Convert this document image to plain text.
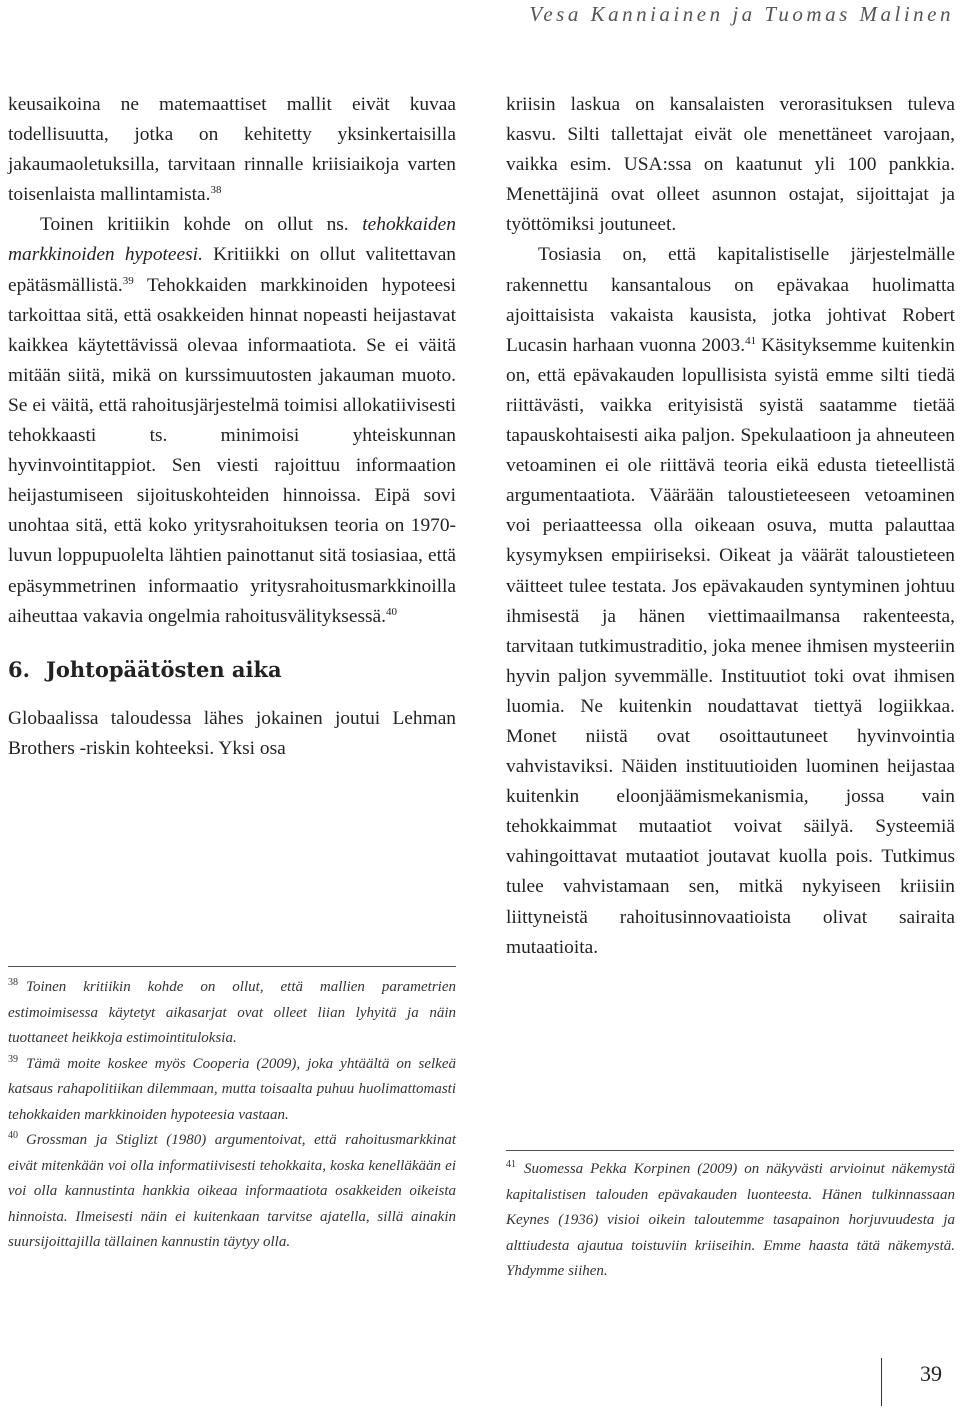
Vesa Kanniainen ja Tuomas Malinen

keusaikoina ne matemaattiset mallit eivät kuvaa todellisuutta, jotka on kehitetty yksinkertaisilla jakaumaoletuksilla, tarvitaan rinnalle kriisiaikoja varten toisenlaista mallintamista.$^{38}$

Toinen kritiikin kohde on ollut ns. tehokkaiden markkinoiden hypoteesi. Kritiikki on ollut valitettavan epätäsmällistä.$^{39}$ Tehokkaiden markkinoiden hypoteesi tarkoittaa sitä, että osakkeiden hinnat nopeasti heijastavat kaikkea käytettävissä olevaa informaatiota. Se ei väitä mitään siitä, mikä on kurssimuutosten jakauman muoto. Se ei väitä, että rahoitusjärjestelmä toimisi allokatiivisesti tehokkaasti ts. minimoisi yhteiskunnan hyvinvointitappiot. Sen viesti rajoittuu informaation heijastumiseen sijoituskohteiden hinnoissa. Eipä sovi unohtaa sitä, että koko yritysrahoituksen teoria on 1970-luvun loppupuolelta lähtien painottanut sitä tosiasiaa, että epäsymmetrinen informaatio yritysrahoitusmarkkinoilla aiheuttaa vakavia ongelmia rahoitusvälityksessä.$^{40}$

6. Johtopäätösten aika

Globaalissa taloudessa lähes jokainen joutui Lehman Brothers -riskin kohteeksi. Yksi osa

$^{38}$ Toinen kritiikin kohde on ollut, että mallien parametrien estimoimisessa käytetyt aikasarjat ovat olleet liian lyhyitä ja näin tuottaneet heikkoja estimointituloksia.

$^{39}$ Tämä moite koskee myös Cooperia (2009), joka yhtäältä on selkeä katsaus rahapolitiikan dilemmaan, mutta toisaalta puhuu huolimattomasti tehokkaiden markkinoiden hypoteesia vastaan.

$^{40}$ Grossman ja Stiglizt (1980) argumentoivat, että rahoitusmarkkinat eivät mitenkään voi olla informatiivisesti tehokkaita, koska kenelläkään ei voi olla kannustinta hankkia oikeaa informaatiota osakkeiden oikeista hinnoista. Ilmeisesti näin ei kuitenkaan tarvitse ajatella, sillä ainakin suursijoittajilla tällainen kannustin täytyy olla.

kriisin laskua on kansalaisten verorasituksen tuleva kasvu. Silti tallettajat eivät ole menettäneet varojaan, vaikka esim. USA:ssa on kaatunut yli 100 pankkia. Menettäjinä ovat olleet asunnon ostajat, sijoittajat ja työttömiksi joutuneet.

Tosiasia on, että kapitalistiselle järjestelmälle rakennettu kansantalous on epävakaa huolimatta ajoittaisista vakaista kausista, jotka johtivat Robert Lucasin harhaan vuonna 2003.41 Käsityksemme kuitenkin on, että epävakauden lopullisista syistä emme silti tiedä riittävästi, vaikka erityisistä syistä saatamme tietää tapauskohtaisesti aika paljon. Spekulaatioon ja ahneuteen vetoaminen ei ole riittävä teoria eikä edusta tieteellistä argumentaatiota. Väärään taloustieteeseen vetoaminen voi periaatteessa olla oikeaan osuva, mutta palauttaa kysymyksen empiiriseksi. Oikeat ja väärät taloustieteen väitteet tulee testata. Jos epävakauden syntyminen johtuu ihmisestä ja hänen viettimaailmansa rakenteesta, tarvitaan tutkimustraditio, joka menee ihmisen mysteeriin hyvin paljon syvemmälle. Instituutiot toki ovat ihmisen luomia. Ne kuitenkin noudattavat tiettyä logiikkaa. Monet niistä ovat osoittautuneet hyvinvointia vahvistaviksi. Näiden instituutioiden luominen heijastaa kuitenkin eloonjäämismekanismia, jossa vain tehokkaimmat mutaatiot voivat säilyä. Systeemiä vahingoittavat mutaatiot joutavat kuolla pois. Tutkimus tulee vahvistamaan sen, mitkä nykyiseen kriisiin liittyneistä rahoitusinnovaatioista olivat sairaita mutaatioita.

$^{41}$ Suomessa Pekka Korpinen (2009) on näkyvästi arvioinut näkemystä kapitalistisen talouden epävakauden luonteesta. Hänen tulkinnassaan Keynes (1936) visioi oikein taloutemme tasapainon horjuvuudesta ja alttiudesta ajautua toistuviin kriiseihin. Emme haasta tätä näkemystä. Yhdymme siihen.

39
